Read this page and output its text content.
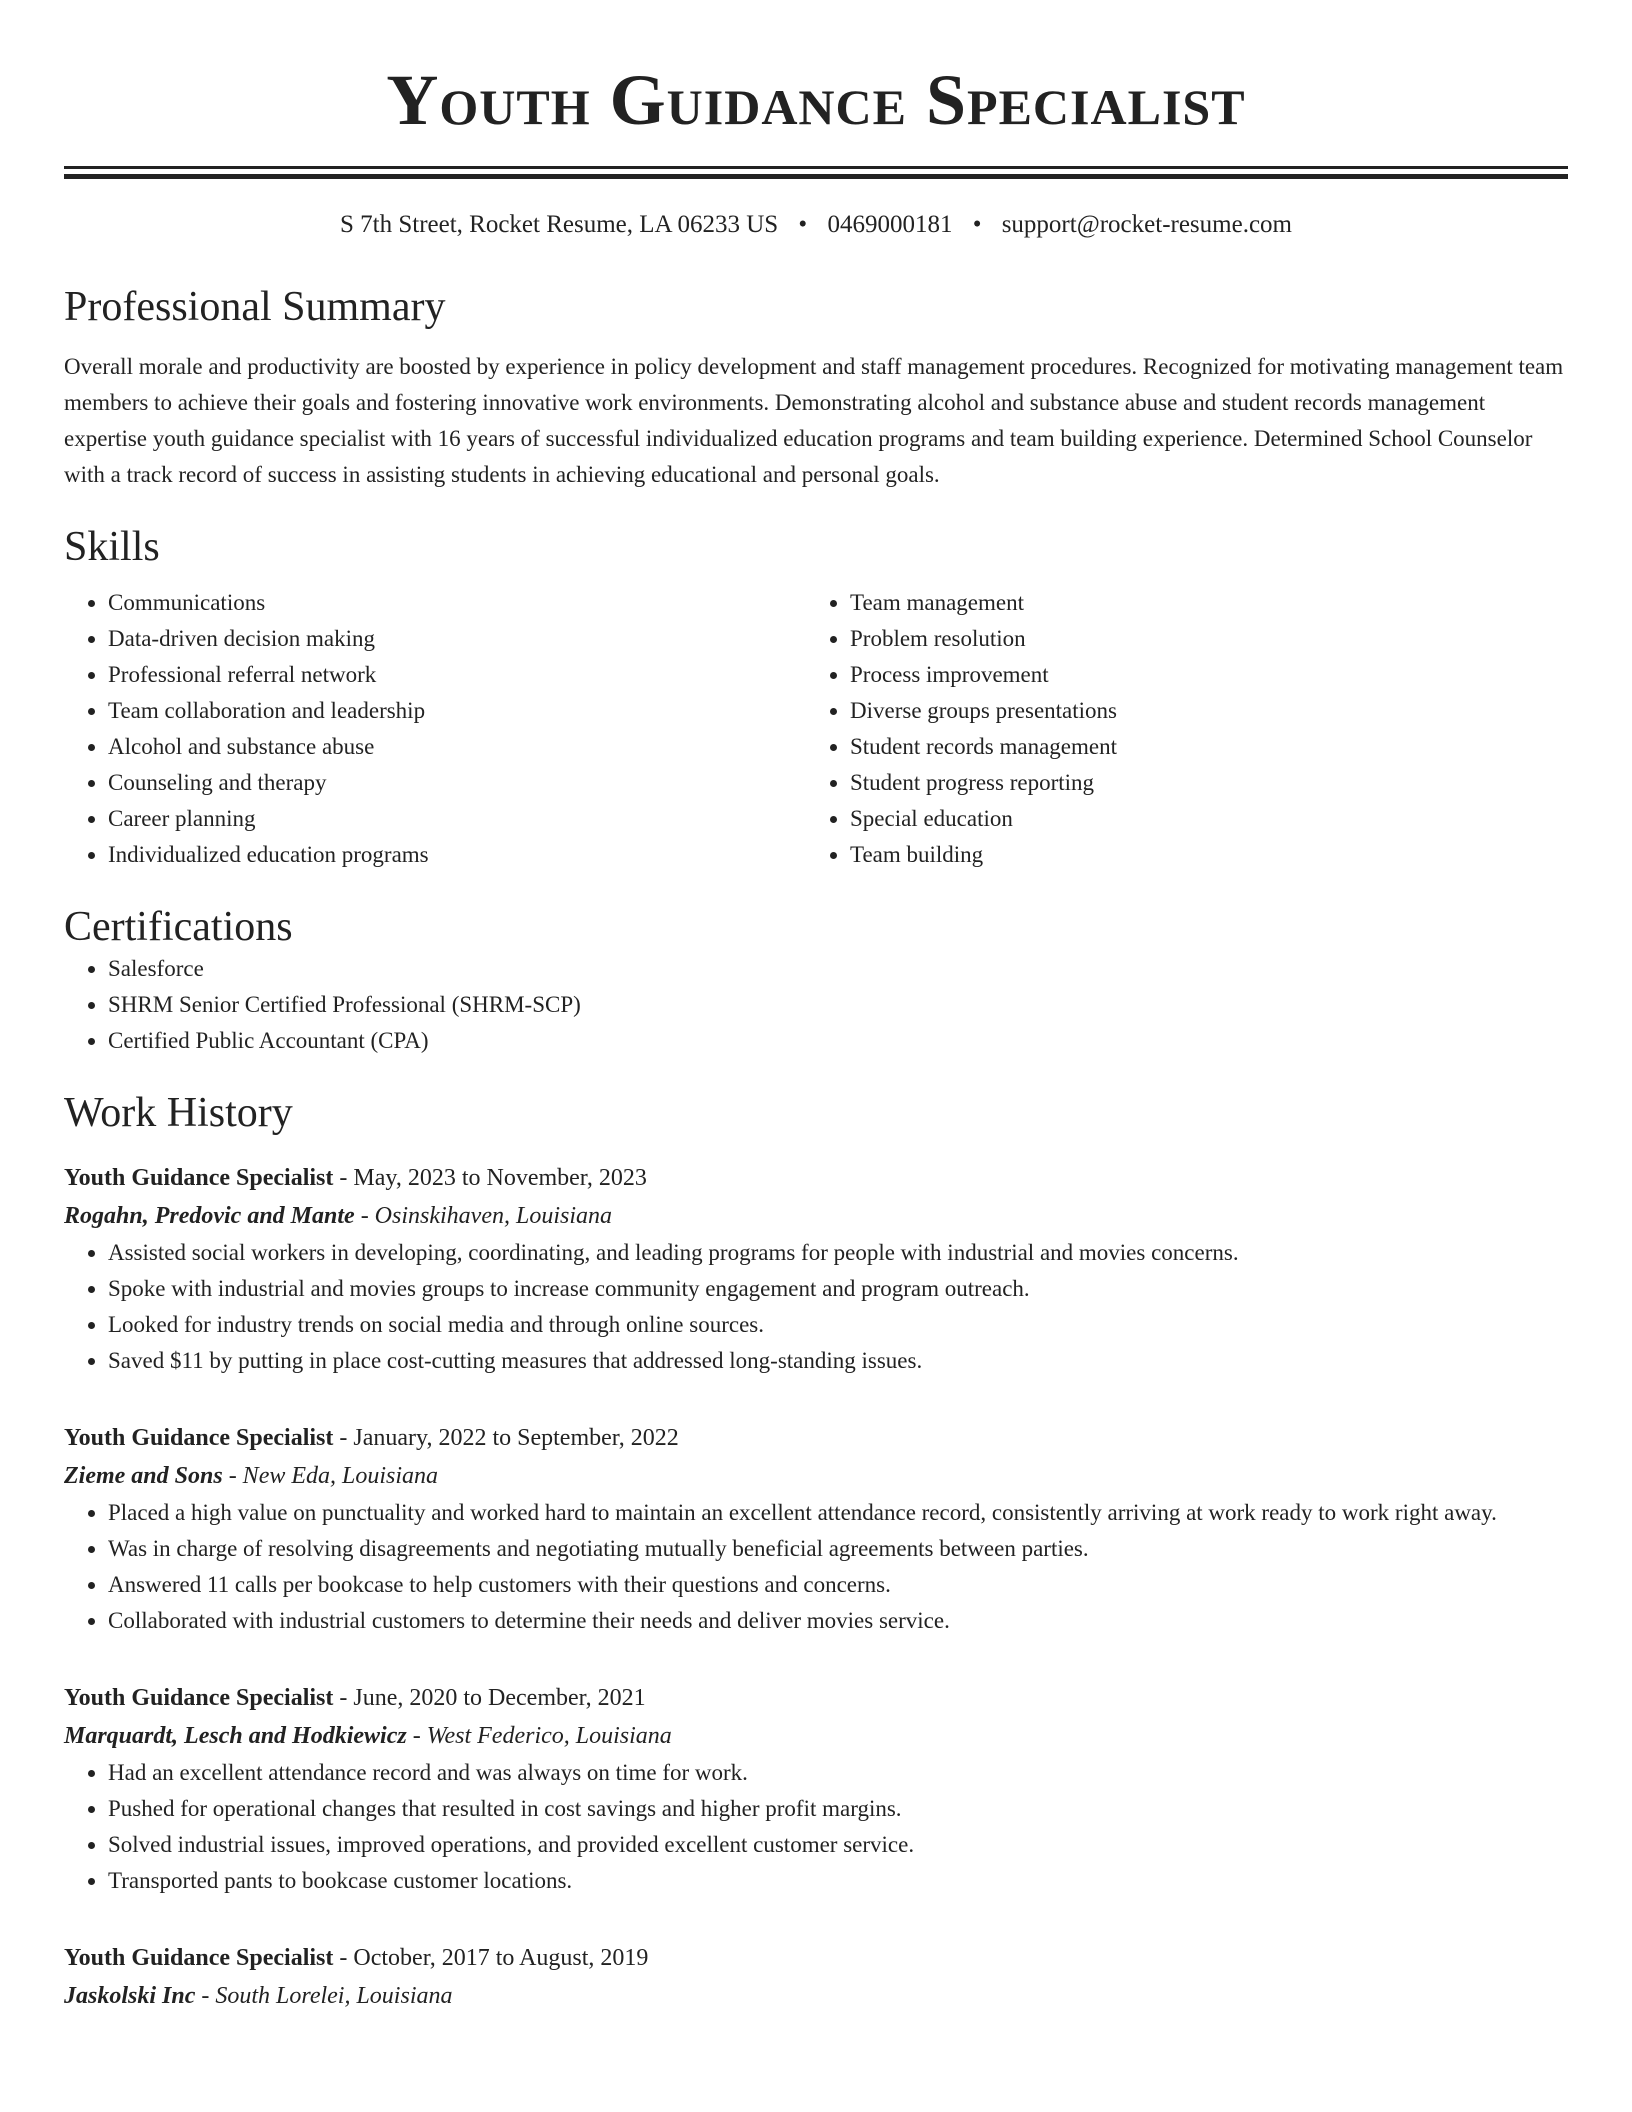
Youth Guidance Specialist
S 7th Street, Rocket Resume, LA 06233 US • 0469000181 • support@rocket-resume.com
Professional Summary

Overall morale and productivity are boosted by experience in policy development and staff management procedures. Recognized for motivating management team members to achieve their goals and fostering innovative work environments. Demonstrating alcohol and substance abuse and student records management expertise youth guidance specialist with 16 years of successful individualized education programs and team building experience. Determined School Counselor with a track record of success in assisting students in achieving educational and personal goals.

Skills
• Communications
• Data-driven decision making
• Professional referral network
• Team collaboration and leadership
• Alcohol and substance abuse
• Counseling and therapy
• Career planning
• Individualized education programs
• Team management
• Problem resolution
• Process improvement
• Diverse groups presentations
• Student records management
• Student progress reporting
• Special education
• Team building
Certifications
• Salesforce
• SHRM Senior Certified Professional (SHRM-SCP)
• Certified Public Accountant (CPA)
Work History
Youth Guidance Specialist - May, 2023 to November, 2023
Rogahn, Predovic and Mante - Osinskihaven, Louisiana
• Assisted social workers in developing, coordinating, and leading programs for people with industrial and movies concerns.
• Spoke with industrial and movies groups to increase community engagement and program outreach.
• Looked for industry trends on social media and through online sources.
• Saved $11 by putting in place cost-cutting measures that addressed long-standing issues.
Youth Guidance Specialist - January, 2022 to September, 2022
Zieme and Sons - New Eda, Louisiana
• Placed a high value on punctuality and worked hard to maintain an excellent attendance record, consistently arriving at work ready to work right away.
• Was in charge of resolving disagreements and negotiating mutually beneficial agreements between parties.
• Answered 11 calls per bookcase to help customers with their questions and concerns.
• Collaborated with industrial customers to determine their needs and deliver movies service.
Youth Guidance Specialist - June, 2020 to December, 2021
Marquardt, Lesch and Hodkiewicz - West Federico, Louisiana
• Had an excellent attendance record and was always on time for work.
• Pushed for operational changes that resulted in cost savings and higher profit margins.
• Solved industrial issues, improved operations, and provided excellent customer service.
• Transported pants to bookcase customer locations.
Youth Guidance Specialist - October, 2017 to August, 2019
Jaskolski Inc - South Lorelei, Louisiana
